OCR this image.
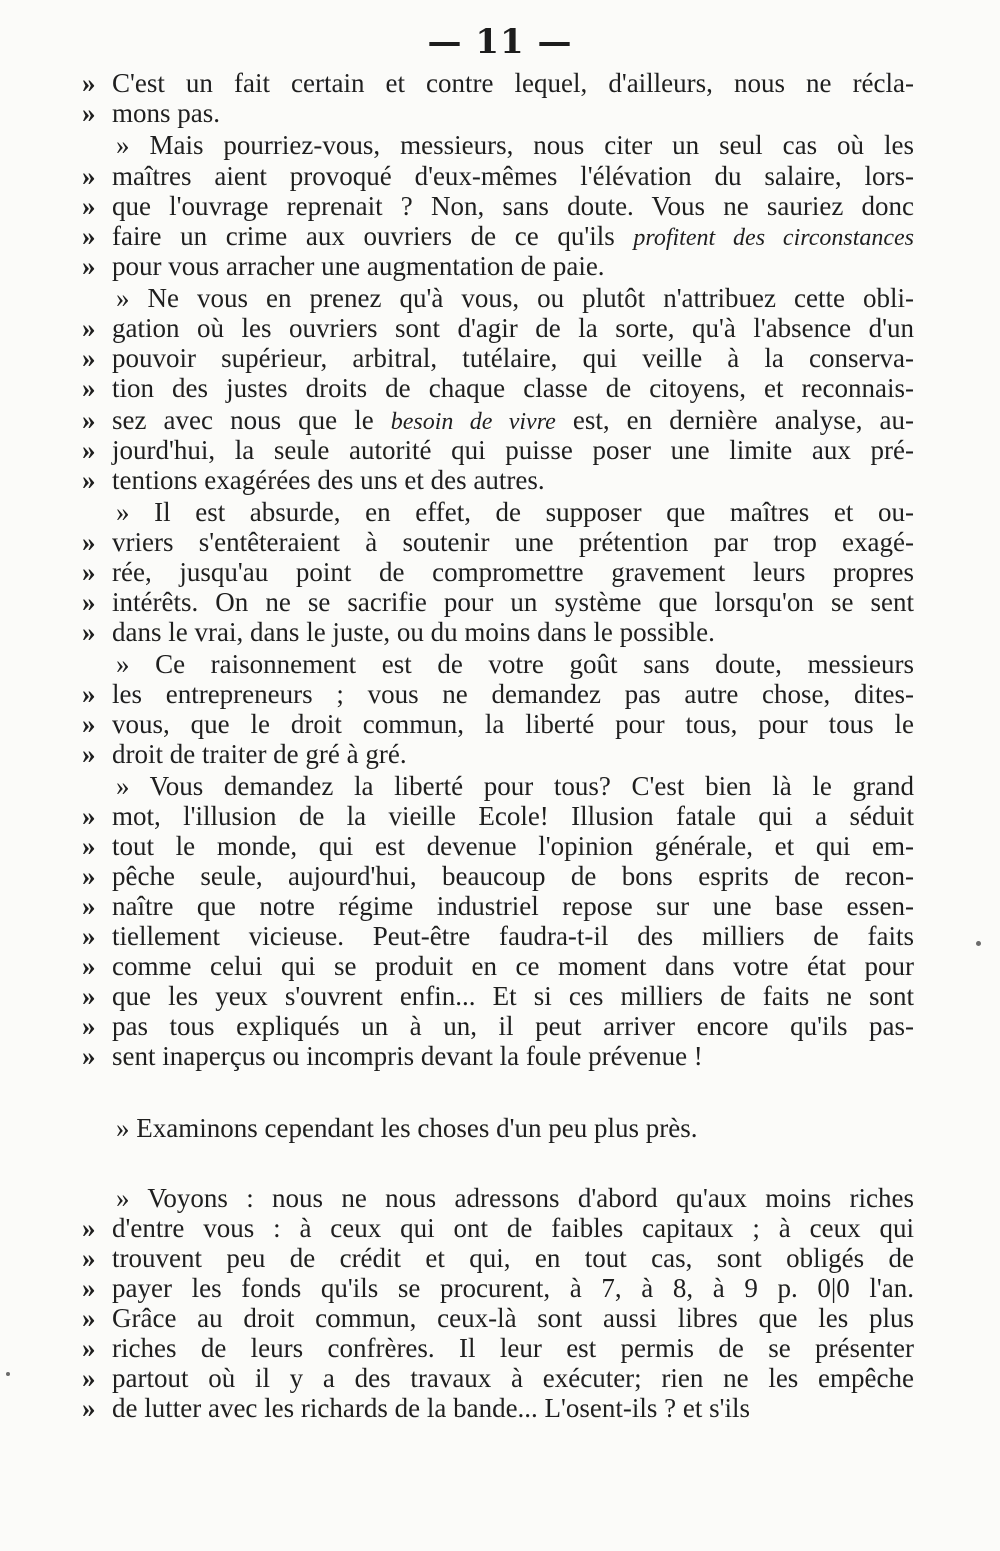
— 11 —
» C'est un fait certain et contre lequel, d'ailleurs, nous ne récla-
» mons pas.
» Mais pourriez-vous, messieurs, nous citer un seul cas où les
» maîtres aient provoqué d'eux-mêmes l'élévation du salaire, lors-
» que l'ouvrage reprenait ? Non, sans doute. Vous ne sauriez donc
» faire un crime aux ouvriers de ce qu'ils profitent des circonstances
» pour vous arracher une augmentation de paie.
» Ne vous en prenez qu'à vous, ou plutôt n'attribuez cette obli-
» gation où les ouvriers sont d'agir de la sorte, qu'à l'absence d'un
» pouvoir supérieur, arbitral, tutélaire, qui veille à la conserva-
» tion des justes droits de chaque classe de citoyens, et reconnais-
» sez avec nous que le besoin de vivre est, en dernière analyse, au-
» jourd'hui, la seule autorité qui puisse poser une limite aux pré-
» tentions exagérées des uns et des autres.
» Il est absurde, en effet, de supposer que maîtres et ou-
» vriers s'entêteraient à soutenir une prétention par trop exagé-
» rée, jusqu'au point de compromettre gravement leurs propres
» intérêts. On ne se sacrifie pour un système que lorsqu'on se sent
» dans le vrai, dans le juste, ou du moins dans le possible.
» Ce raisonnement est de votre goût sans doute, messieurs
» les entrepreneurs ; vous ne demandez pas autre chose, dites-
» vous, que le droit commun, la liberté pour tous, pour tous le
» droit de traiter de gré à gré.
» Vous demandez la liberté pour tous? C'est bien là le grand
» mot, l'illusion de la vieille Ecole! Illusion fatale qui a séduit
» tout le monde, qui est devenue l'opinion générale, et qui em-
» pêche seule, aujourd'hui, beaucoup de bons esprits de recon-
» naître que notre régime industriel repose sur une base essen-
» tiellement vicieuse. Peut-être faudra-t-il des milliers de faits
» comme celui qui se produit en ce moment dans votre état pour
» que les yeux s'ouvrent enfin... Et si ces milliers de faits ne sont
» pas tous expliqués un à un, il peut arriver encore qu'ils pas-
» sent inaperçus ou incompris devant la foule prévenue !
» Examinons cependant les choses d'un peu plus près.
» Voyons : nous ne nous adressons d'abord qu'aux moins riches
» d'entre vous : à ceux qui ont de faibles capitaux ; à ceux qui
» trouvent peu de crédit et qui, en tout cas, sont obligés de
» payer les fonds qu'ils se procurent, à 7, à 8, à 9 p. 0|0 l'an.
» Grâce au droit commun, ceux-là sont aussi libres que les plus
» riches de leurs confrères. Il leur est permis de se présenter
» partout où il y a des travaux à exécuter; rien ne les empêche
» de lutter avec les richards de la bande... L'osent-ils ? et s'ils
